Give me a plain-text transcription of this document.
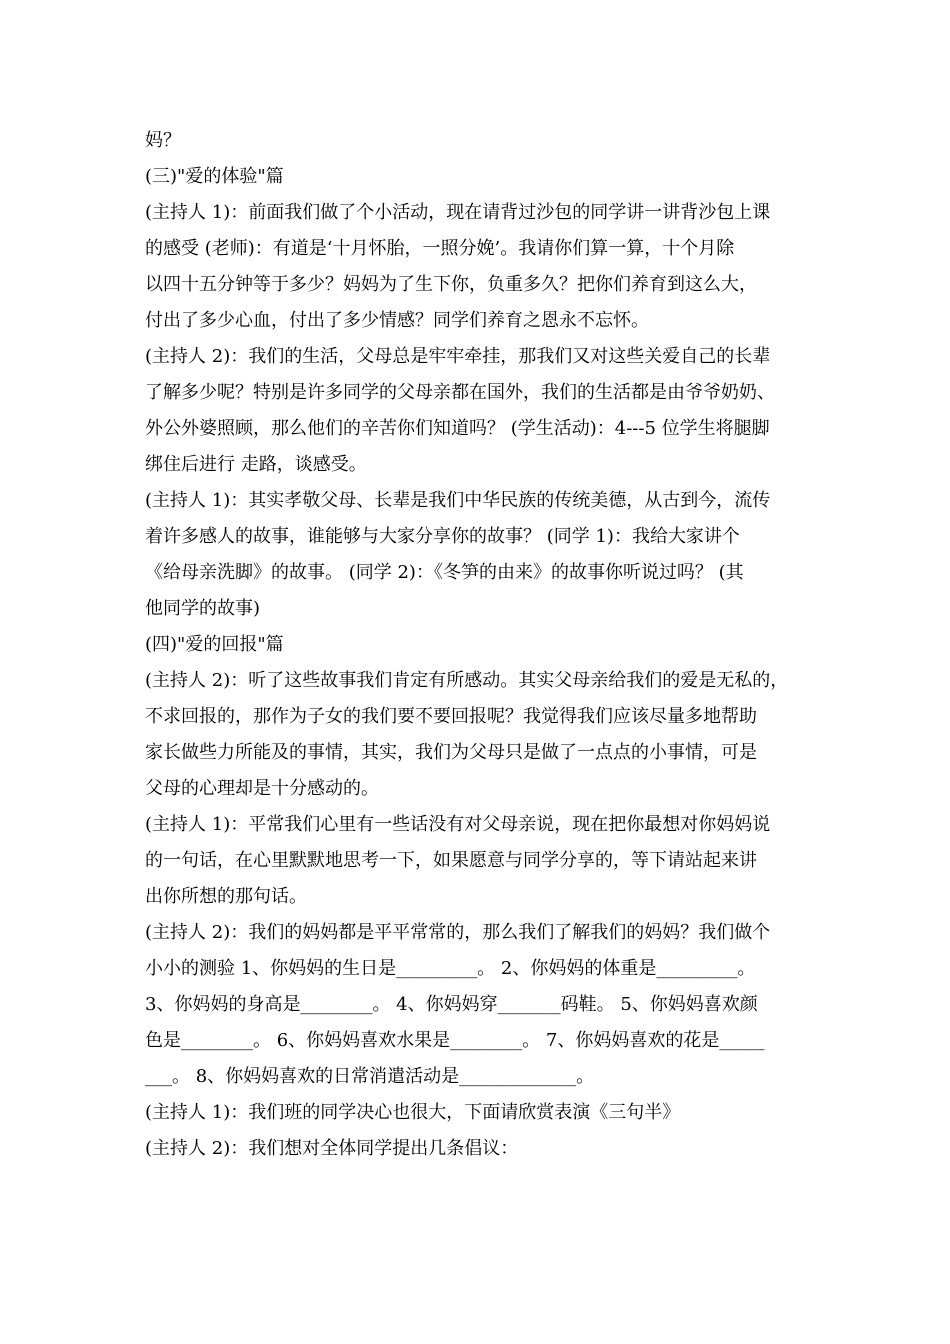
妈？

(三)"爱的体验"篇

(主持人 1)：前面我们做了个小活动，现在请背过沙包的同学讲一讲背沙包上课

的感受 (老师)：有道是‘十月怀胎，一照分娩’。我请你们算一算，十个月除

以四十五分钟等于多少？妈妈为了生下你，负重多久？把你们养育到这么大，

付出了多少心血，付出了多少情感？同学们养育之恩永不忘怀。

(主持人 2)：我们的生活，父母总是牢牢牵挂，那我们又对这些关爱自己的长辈

了解多少呢？特别是许多同学的父母亲都在国外，我们的生活都是由爷爷奶奶、

外公外婆照顾，那么他们的辛苦你们知道吗？ (学生活动)：4---5 位学生将腿脚

绑住后进行 走路，谈感受。

(主持人 1)：其实孝敬父母、长辈是我们中华民族的传统美德，从古到今，流传

着许多感人的故事，谁能够与大家分享你的故事？ (同学 1)：我给大家讲个

《给母亲洗脚》的故事。 (同学 2)：《冬笋的由来》的故事你听说过吗？ (其

他同学的故事)

(四)"爱的回报"篇

(主持人 2)：听了这些故事我们肯定有所感动。其实父母亲给我们的爱是无私的，

不求回报的，那作为子女的我们要不要回报呢？我觉得我们应该尽量多地帮助

家长做些力所能及的事情，其实，我们为父母只是做了一点点的小事情，可是

父母的心理却是十分感动的。

(主持人 1)：平常我们心里有一些话没有对父母亲说，现在把你最想对你妈妈说

的一句话，在心里默默地思考一下，如果愿意与同学分享的，等下请站起来讲

出你所想的那句话。

(主持人 2)：我们的妈妈都是平平常常的，那么我们了解我们的妈妈？我们做个

小小的测验 1、你妈妈的生日是_________。 2、你妈妈的体重是_________。

3、你妈妈的身高是________。 4、你妈妈穿_______码鞋。 5、你妈妈喜欢颜

色是________。 6、你妈妈喜欢水果是________。 7、你妈妈喜欢的花是_____

___。 8、你妈妈喜欢的日常消遣活动是_____________。

(主持人 1)：我们班的同学决心也很大，下面请欣赏表演《三句半》

(主持人 2)：我们想对全体同学提出几条倡议：
